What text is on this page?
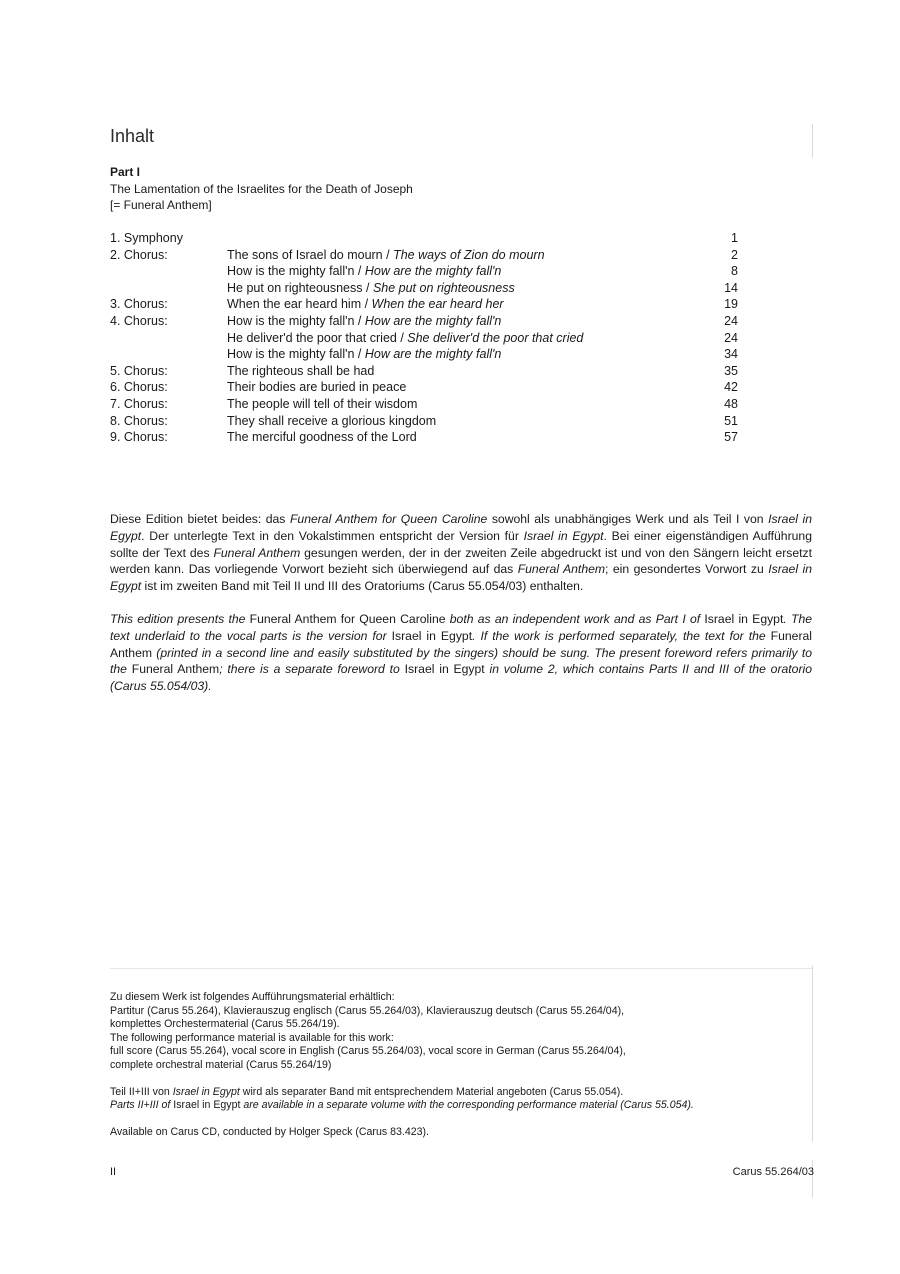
Inhalt
Part I
The Lamentation of the Israelites for the Death of Joseph
[= Funeral Anthem]
1. Symphony	1
2. Chorus:	The sons of Israel do mourn / The ways of Zion do mourn	2
How is the mighty fall'n / How are the mighty fall'n	8
He put on righteousness / She put on righteousness	14
3. Chorus:	When the ear heard him / When the ear heard her	19
4. Chorus:	How is the mighty fall'n / How are the mighty fall'n	24
He deliver'd the poor that cried / She deliver'd the poor that cried	24
How is the mighty fall'n / How are the mighty fall'n	34
5. Chorus:	The righteous shall be had	35
6. Chorus:	Their bodies are buried in peace	42
7. Chorus:	The people will tell of their wisdom	48
8. Chorus:	They shall receive a glorious kingdom	51
9. Chorus:	The merciful goodness of the Lord	57
Diese Edition bietet beides: das Funeral Anthem for Queen Caroline sowohl als unabhängiges Werk und als Teil I von Israel in Egypt. Der unterlegte Text in den Vokalstimmen entspricht der Version für Israel in Egypt. Bei einer eigenständigen Aufführung sollte der Text des Funeral Anthem gesungen werden, der in der zweiten Zeile abgedruckt ist und von den Sängern leicht ersetzt werden kann. Das vorliegende Vorwort bezieht sich überwiegend auf das Funeral Anthem; ein gesondertes Vorwort zu Israel in Egypt ist im zweiten Band mit Teil II und III des Oratoriums (Carus 55.054/03) enthalten.
This edition presents the Funeral Anthem for Queen Caroline both as an independent work and as Part I of Israel in Egypt. The text underlaid to the vocal parts is the version for Israel in Egypt. If the work is performed separately, the text for the Funeral Anthem (printed in a second line and easily substituted by the singers) should be sung. The present foreword refers primarily to the Funeral Anthem; there is a separate foreword to Israel in Egypt in volume 2, which contains Parts II and III of the oratorio (Carus 55.054/03).
Zu diesem Werk ist folgendes Aufführungsmaterial erhältlich:
Partitur (Carus 55.264), Klavierauszug englisch (Carus 55.264/03), Klavierauszug deutsch (Carus 55.264/04),
komplettes Orchestermaterial (Carus 55.264/19).
The following performance material is available for this work:
full score (Carus 55.264), vocal score in English (Carus 55.264/03), vocal score in German (Carus 55.264/04),
complete orchestral material (Carus 55.264/19)
Teil II+III von Israel in Egypt wird als separater Band mit entsprechendem Material angeboten (Carus 55.054).
Parts II+III of Israel in Egypt are available in a separate volume with the corresponding performance material (Carus 55.054).
Available on Carus CD, conducted by Holger Speck (Carus 83.423).
II	Carus 55.264/03
